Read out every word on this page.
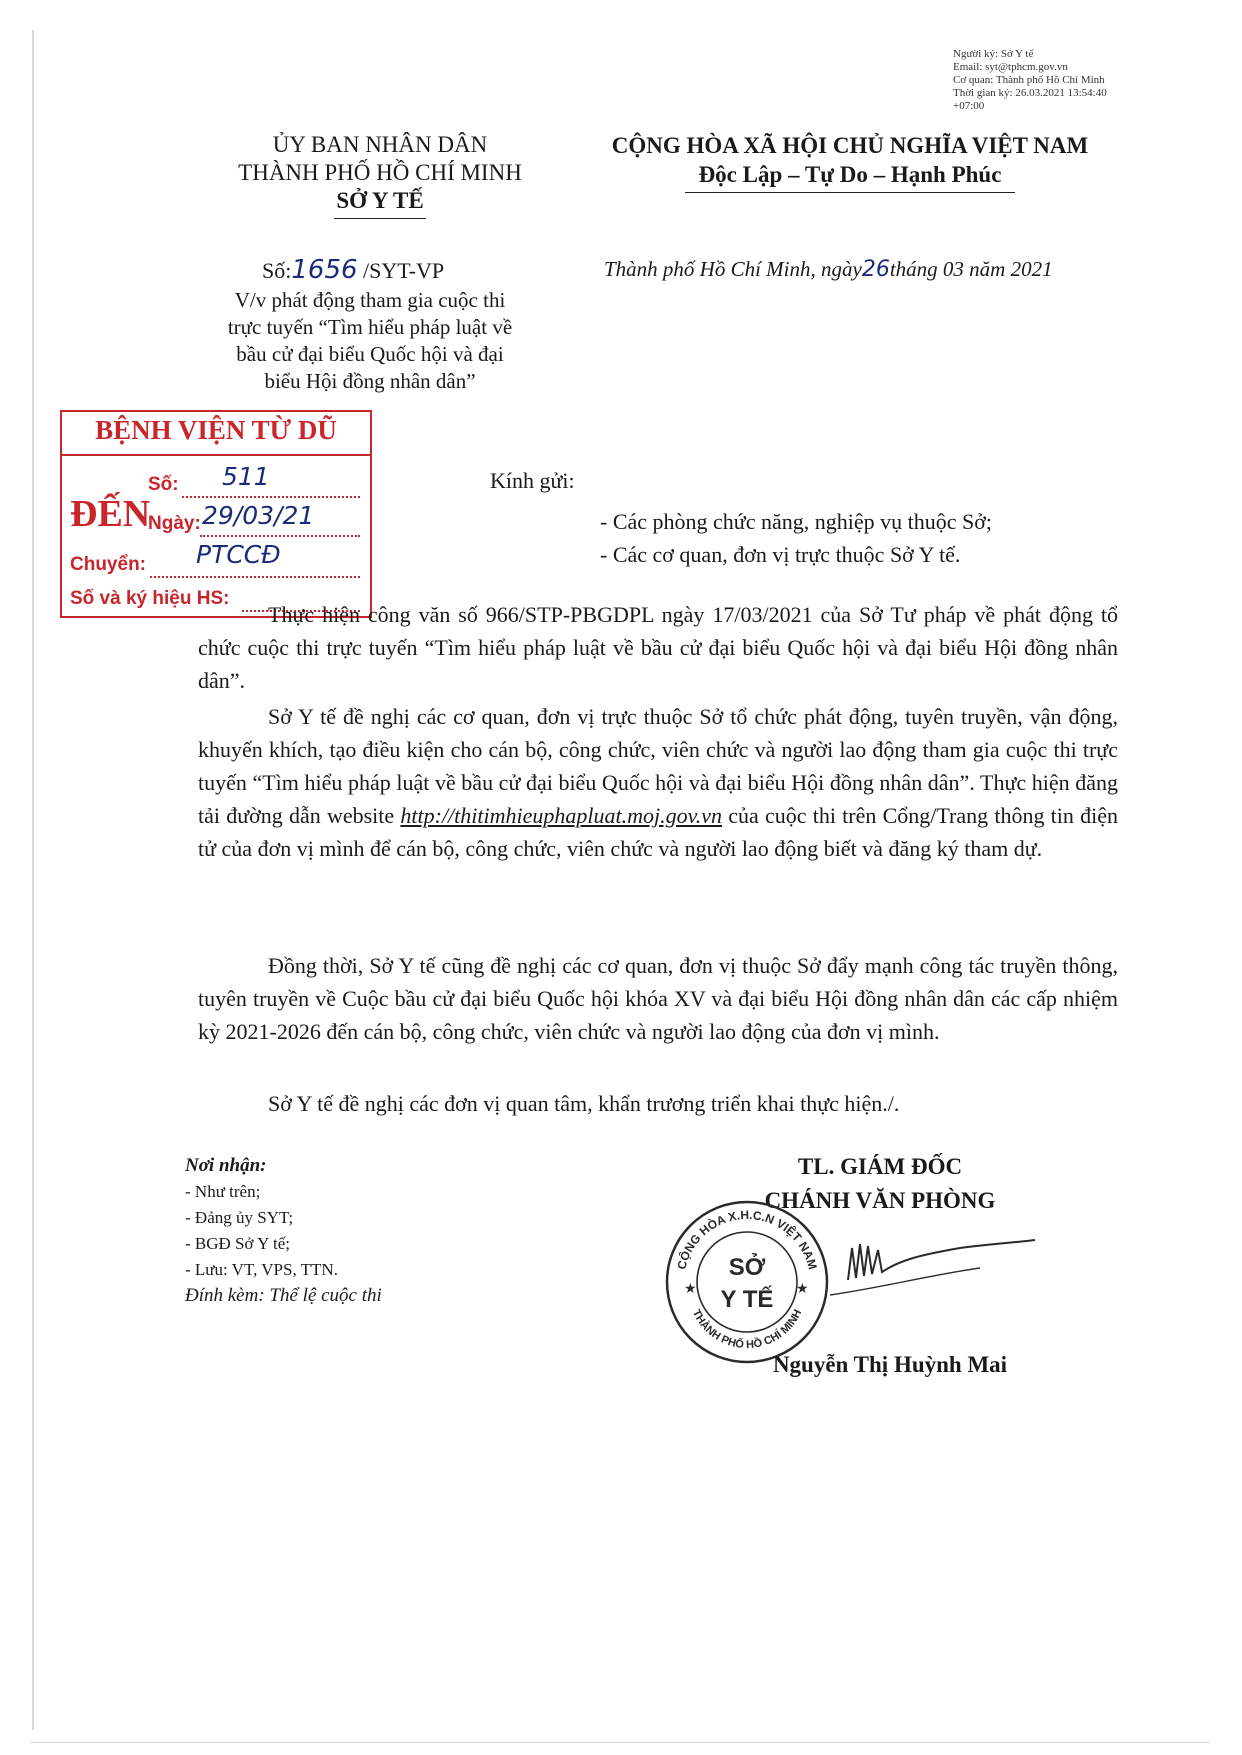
Người ký: Sở Y tế
Email: syt@tphcm.gov.vn
Cơ quan: Thành phố Hồ Chí Minh
Thời gian ký: 26.03.2021 13:54:40
+07:00
ỦY BAN NHÂN DÂN
THÀNH PHỐ HỒ CHÍ MINH
SỞ Y TẾ
CỘNG HÒA XÃ HỘI CHỦ NGHĨA VIỆT NAM
Độc Lập – Tự Do – Hạnh Phúc
Số:1656 /SYT-VP	Thành phố Hồ Chí Minh, ngày26tháng 03 năm 2021
V/v phát động tham gia cuộc thi
trực tuyến “Tìm hiểu pháp luật về
bầu cử đại biểu Quốc hội và đại
biểu Hội đồng nhân dân”
BỆNH VIỆN TỪ DŨ
ĐẾN
Số: 511
Ngày: 29/03/21
Chuyển: PTCCĐ
Số và ký hiệu HS:
Kính gửi:
- Các phòng chức năng, nghiệp vụ thuộc Sở;
- Các cơ quan, đơn vị trực thuộc Sở Y tế.
Thực hiện công văn số 966/STP-PBGDPL ngày 17/03/2021 của Sở Tư pháp về phát động tổ chức cuộc thi trực tuyến “Tìm hiểu pháp luật về bầu cử đại biểu Quốc hội và đại biểu Hội đồng nhân dân”.
Sở Y tế đề nghị các cơ quan, đơn vị trực thuộc Sở tổ chức phát động, tuyên truyền, vận động, khuyến khích, tạo điều kiện cho cán bộ, công chức, viên chức và người lao động tham gia cuộc thi trực tuyến “Tìm hiểu pháp luật về bầu cử đại biểu Quốc hội và đại biểu Hội đồng nhân dân”. Thực hiện đăng tải đường dẫn website http://thitimhieuphapluat.moj.gov.vn của cuộc thi trên Cổng/Trang thông tin điện tử của đơn vị mình để cán bộ, công chức, viên chức và người lao động biết và đăng ký tham dự.
Đồng thời, Sở Y tế cũng đề nghị các cơ quan, đơn vị thuộc Sở đẩy mạnh công tác truyền thông, tuyên truyền về Cuộc bầu cử đại biểu Quốc hội khóa XV và đại biểu Hội đồng nhân dân các cấp nhiệm kỳ 2021-2026 đến cán bộ, công chức, viên chức và người lao động của đơn vị mình.
Sở Y tế đề nghị các đơn vị quan tâm, khẩn trương triển khai thực hiện./.
Nơi nhận:
- Như trên;
- Đảng ủy SYT;
- BGĐ Sở Y tế;
- Lưu: VT, VPS, TTN.
Đính kèm: Thể lệ cuộc thi
TL. GIÁM ĐỐC
CHÁNH VĂN PHÒNG
CỘNG HÒA X.H.C.N VIỆT NAM
THÀNH PHỐ HỒ CHÍ MINH
SỞ
Y TẾ
★	★
Nguyễn Thị Huỳnh Mai
